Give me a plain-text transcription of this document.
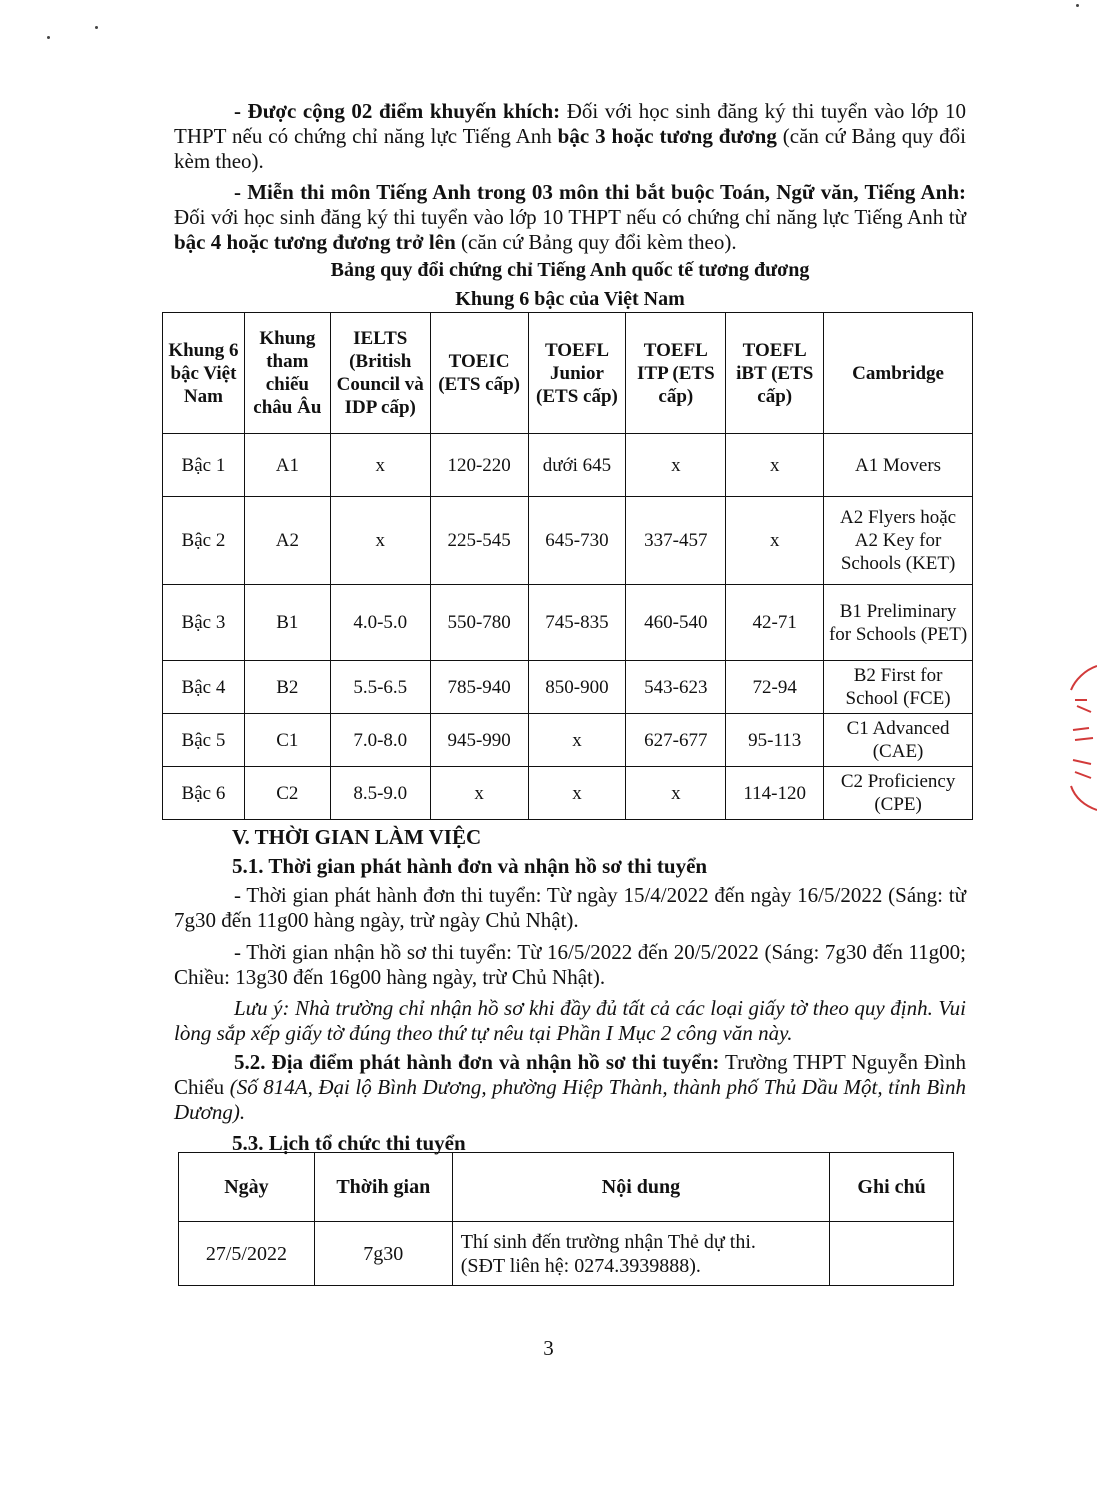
- Được cộng 02 điểm khuyến khích: Đối với học sinh đăng ký thi tuyển vào lớp 10 THPT nếu có chứng chỉ năng lực Tiếng Anh bậc 3 hoặc tương đương (căn cứ Bảng quy đổi kèm theo).
- Miễn thi môn Tiếng Anh trong 03 môn thi bắt buộc Toán, Ngữ văn, Tiếng Anh: Đối với học sinh đăng ký thi tuyển vào lớp 10 THPT nếu có chứng chỉ năng lực Tiếng Anh từ bậc 4 hoặc tương đương trở lên (căn cứ Bảng quy đổi kèm theo).
Bảng quy đổi chứng chỉ Tiếng Anh quốc tế tương đương
Khung 6 bậc của Việt Nam
Khung 6 bậc Việt Nam	Khung tham chiếu châu Âu	IELTS (British Council và IDP cấp)	TOEIC (ETS cấp)	TOEFL Junior (ETS cấp)	TOEFL ITP (ETS cấp)	TOEFL iBT (ETS cấp)	Cambridge
Bậc 1	A1	x	120-220	dưới 645	x	x	A1 Movers
Bậc 2	A2	x	225-545	645-730	337-457	x	A2 Flyers hoặc A2 Key for Schools (KET)
Bậc 3	B1	4.0-5.0	550-780	745-835	460-540	42-71	B1 Preliminary for Schools (PET)
Bậc 4	B2	5.5-6.5	785-940	850-900	543-623	72-94	B2 First for School (FCE)
Bậc 5	C1	7.0-8.0	945-990	x	627-677	95-113	C1 Advanced (CAE)
Bậc 6	C2	8.5-9.0	x	x	x	114-120	C2 Proficiency (CPE)
V. THỜI GIAN LÀM VIỆC
5.1. Thời gian phát hành đơn và nhận hồ sơ thi tuyển
- Thời gian phát hành đơn thi tuyển: Từ ngày 15/4/2022 đến ngày 16/5/2022 (Sáng: từ 7g30 đến 11g00 hàng ngày, trừ ngày Chủ Nhật).
- Thời gian nhận hồ sơ thi tuyển: Từ 16/5/2022 đến 20/5/2022 (Sáng: 7g30 đến 11g00; Chiều: 13g30 đến 16g00 hàng ngày, trừ Chủ Nhật).
Lưu ý: Nhà trường chỉ nhận hồ sơ khi đầy đủ tất cả các loại giấy tờ theo quy định. Vui lòng sắp xếp giấy tờ đúng theo thứ tự nêu tại Phần I Mục 2 công văn này.
5.2. Địa điểm phát hành đơn và nhận hồ sơ thi tuyển: Trường THPT Nguyễn Đình Chiểu (Số 814A, Đại lộ Bình Dương, phường Hiệp Thành, thành phố Thủ Dầu Một, tỉnh Bình Dương).
5.3. Lịch tổ chức thi tuyển
Ngày	Thờih gian	Nội dung	Ghi chú
27/5/2022	7g30	Thí sinh đến trường nhận Thẻ dự thi.
(SĐT liên hệ: 0274.3939888).	

3
